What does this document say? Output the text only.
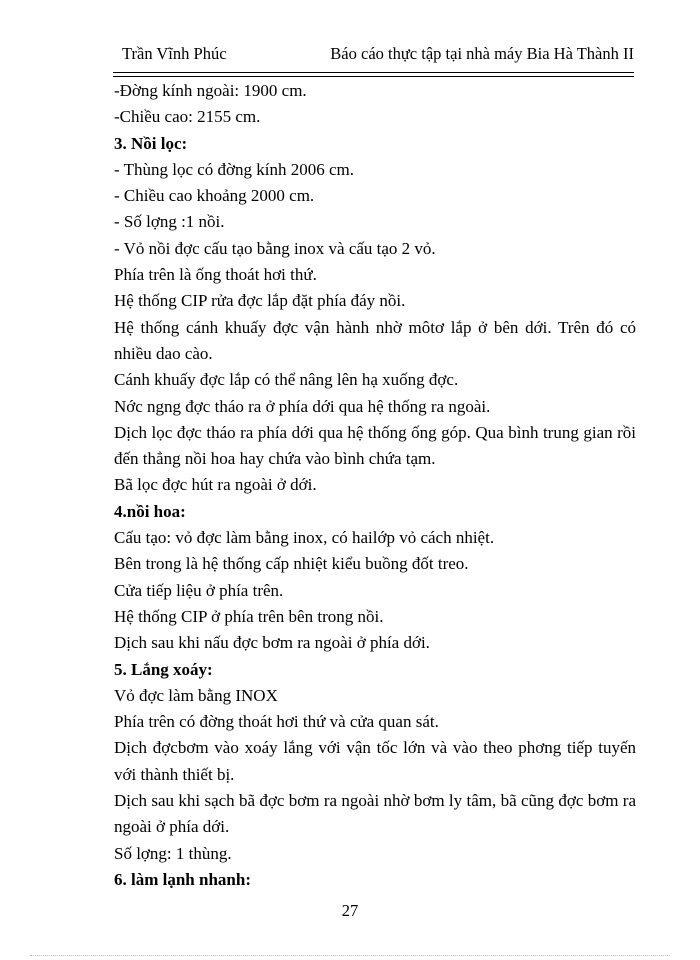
Trần Vĩnh Phúc	Báo cáo thực tập tại nhà máy Bia Hà Thành II
-Đờng kính ngoài: 1900 cm.
-Chiều cao: 2155 cm.
3. Nồi lọc:
- Thùng lọc có đờng kính 2006 cm.
- Chiều cao khoảng 2000 cm.
- Số lợng :1 nồi.
- Vỏ nồi đợc cấu tạo bằng inox và cấu tạo 2 vỏ.
Phía trên là ống thoát hơi thứ.
Hệ thống CIP rửa đợc lắp đặt phía đáy nồi.
Hệ thống cánh khuấy đợc vận hành nhờ môtơ lắp ở bên dới. Trên đó có nhiều dao cào.
Cánh khuấy đợc lắp có thể nâng lên hạ xuống đợc.
Nớc ngng đợc tháo ra ở phía dới qua hệ thống ra ngoài.
Dịch lọc đợc tháo ra phía dới qua hệ thống ống góp. Qua bình trung gian rồi đến thẳng nồi hoa hay chứa vào bình chứa tạm.
Bã lọc đợc hút ra ngoài ở dới.
4.nồi hoa:
Cấu tạo: vỏ đợc làm bằng inox, có hailớp vỏ cách nhiệt.
Bên trong là hệ thống cấp nhiệt kiểu buồng đốt treo.
Cửa tiếp liệu ở phía trên.
Hệ thống CIP ở phía trên bên trong nồi.
Dịch sau khi nấu đợc bơm ra ngoài ở phía dới.
5. Lắng xoáy:
Vỏ đợc làm bằng INOX
Phía trên có đờng thoát hơi thứ và cửa quan sát.
Dịch đợcbơm vào xoáy lắng với vận tốc lớn và vào theo phơng tiếp tuyến với thành thiết bị.
Dịch sau khi sạch bã đợc bơm ra ngoài nhờ bơm ly tâm, bã cũng đợc bơm ra ngoài ở phía dới.
Số lợng: 1 thùng.
6. làm lạnh nhanh:
27
